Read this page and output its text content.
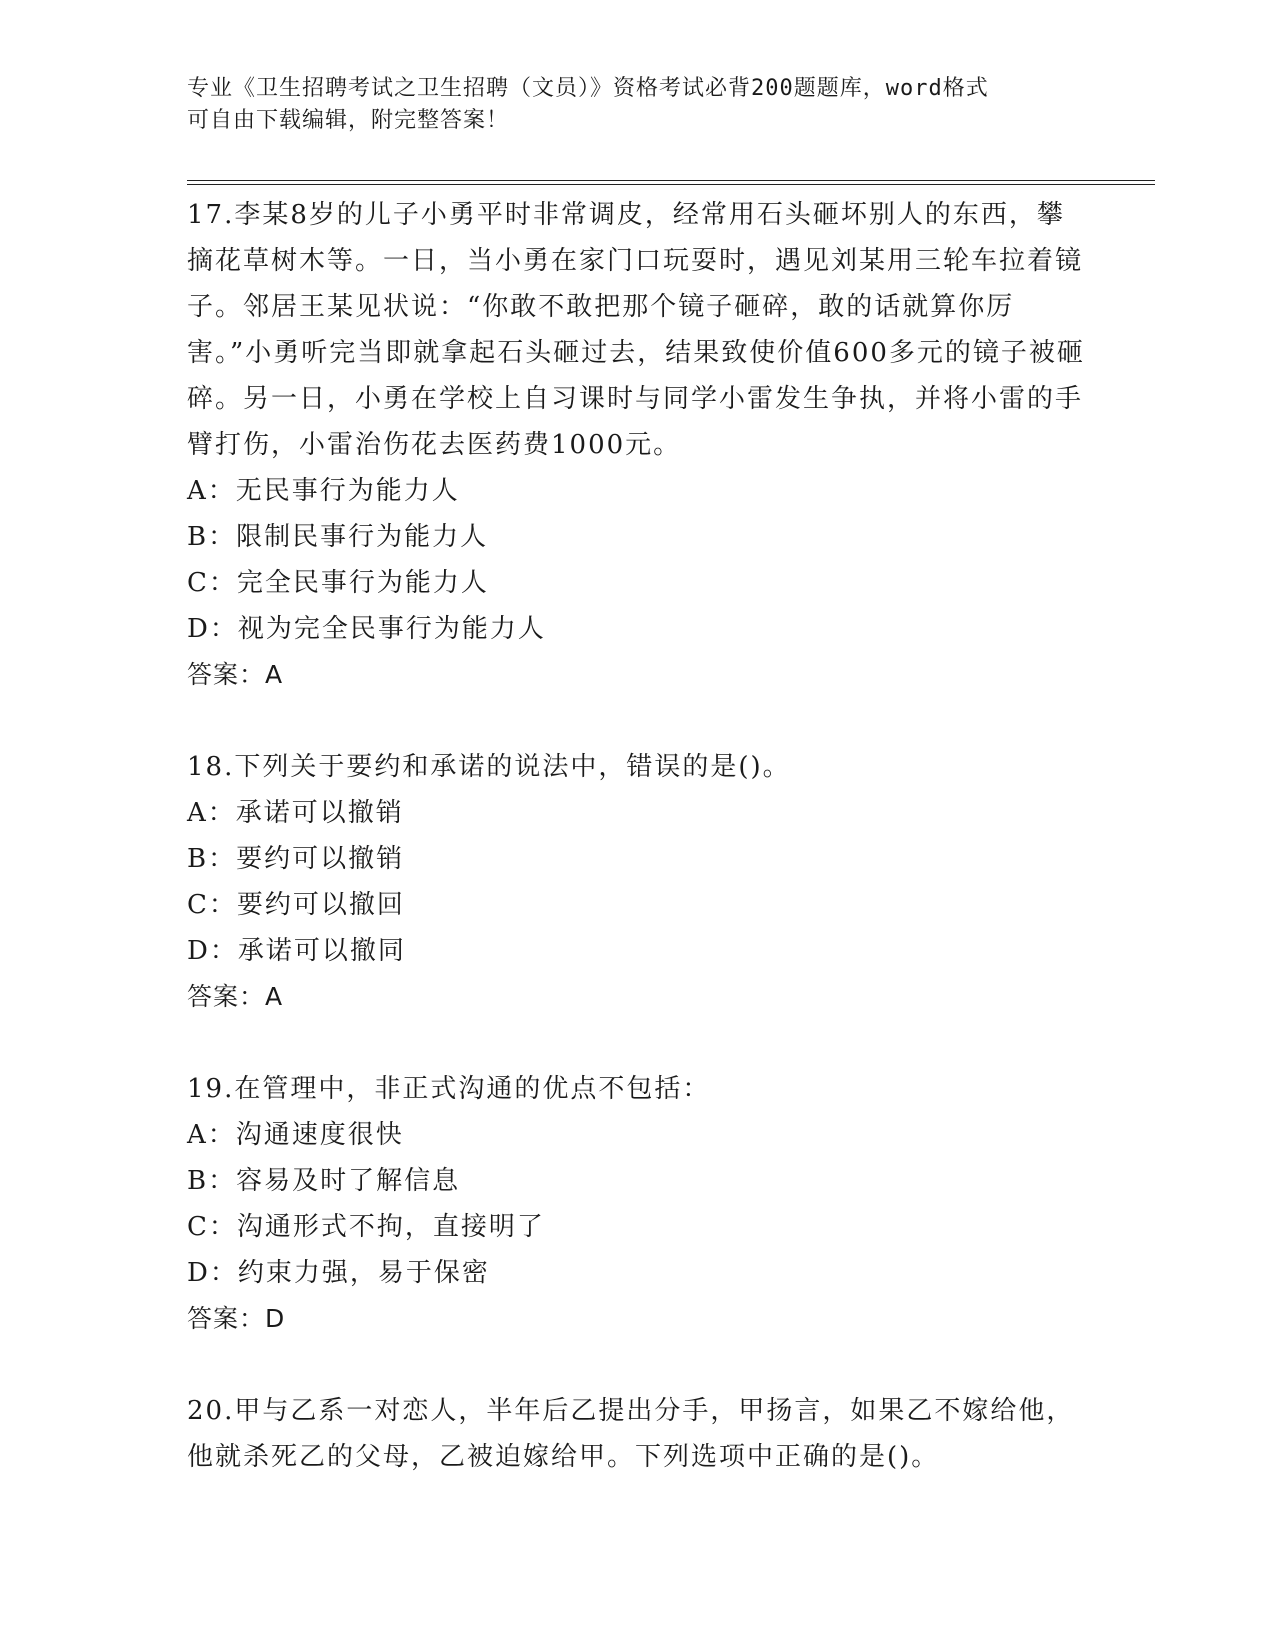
专业《卫生招聘考试之卫生招聘（文员）》资格考试必背200题题库，word格式
可自由下载编辑，附完整答案！

17.李某8岁的儿子小勇平时非常调皮，经常用石头砸坏别人的东西，攀摘花草树木等。一日，当小勇在家门口玩耍时，遇见刘某用三轮车拉着镜子。邻居王某见状说：“你敢不敢把那个镜子砸碎，敢的话就算你厉害。”小勇听完当即就拿起石头砸过去，结果致使价值600多元的镜子被砸碎。另一日，小勇在学校上自习课时与同学小雷发生争执，并将小雷的手臂打伤，小雷治伤花去医药费1000元。

A：无民事行为能力人

B：限制民事行为能力人

C：完全民事行为能力人

D：视为完全民事行为能力人

答案：A

18.下列关于要约和承诺的说法中，错误的是()。

A：承诺可以撤销

B：要约可以撤销

C：要约可以撤回

D：承诺可以撤同

答案：A

19.在管理中，非正式沟通的优点不包括：

A：沟通速度很快

B：容易及时了解信息

C：沟通形式不拘，直接明了

D：约束力强，易于保密

答案：D

20.甲与乙系一对恋人，半年后乙提出分手，甲扬言，如果乙不嫁给他，他就杀死乙的父母，乙被迫嫁给甲。下列选项中正确的是()。
